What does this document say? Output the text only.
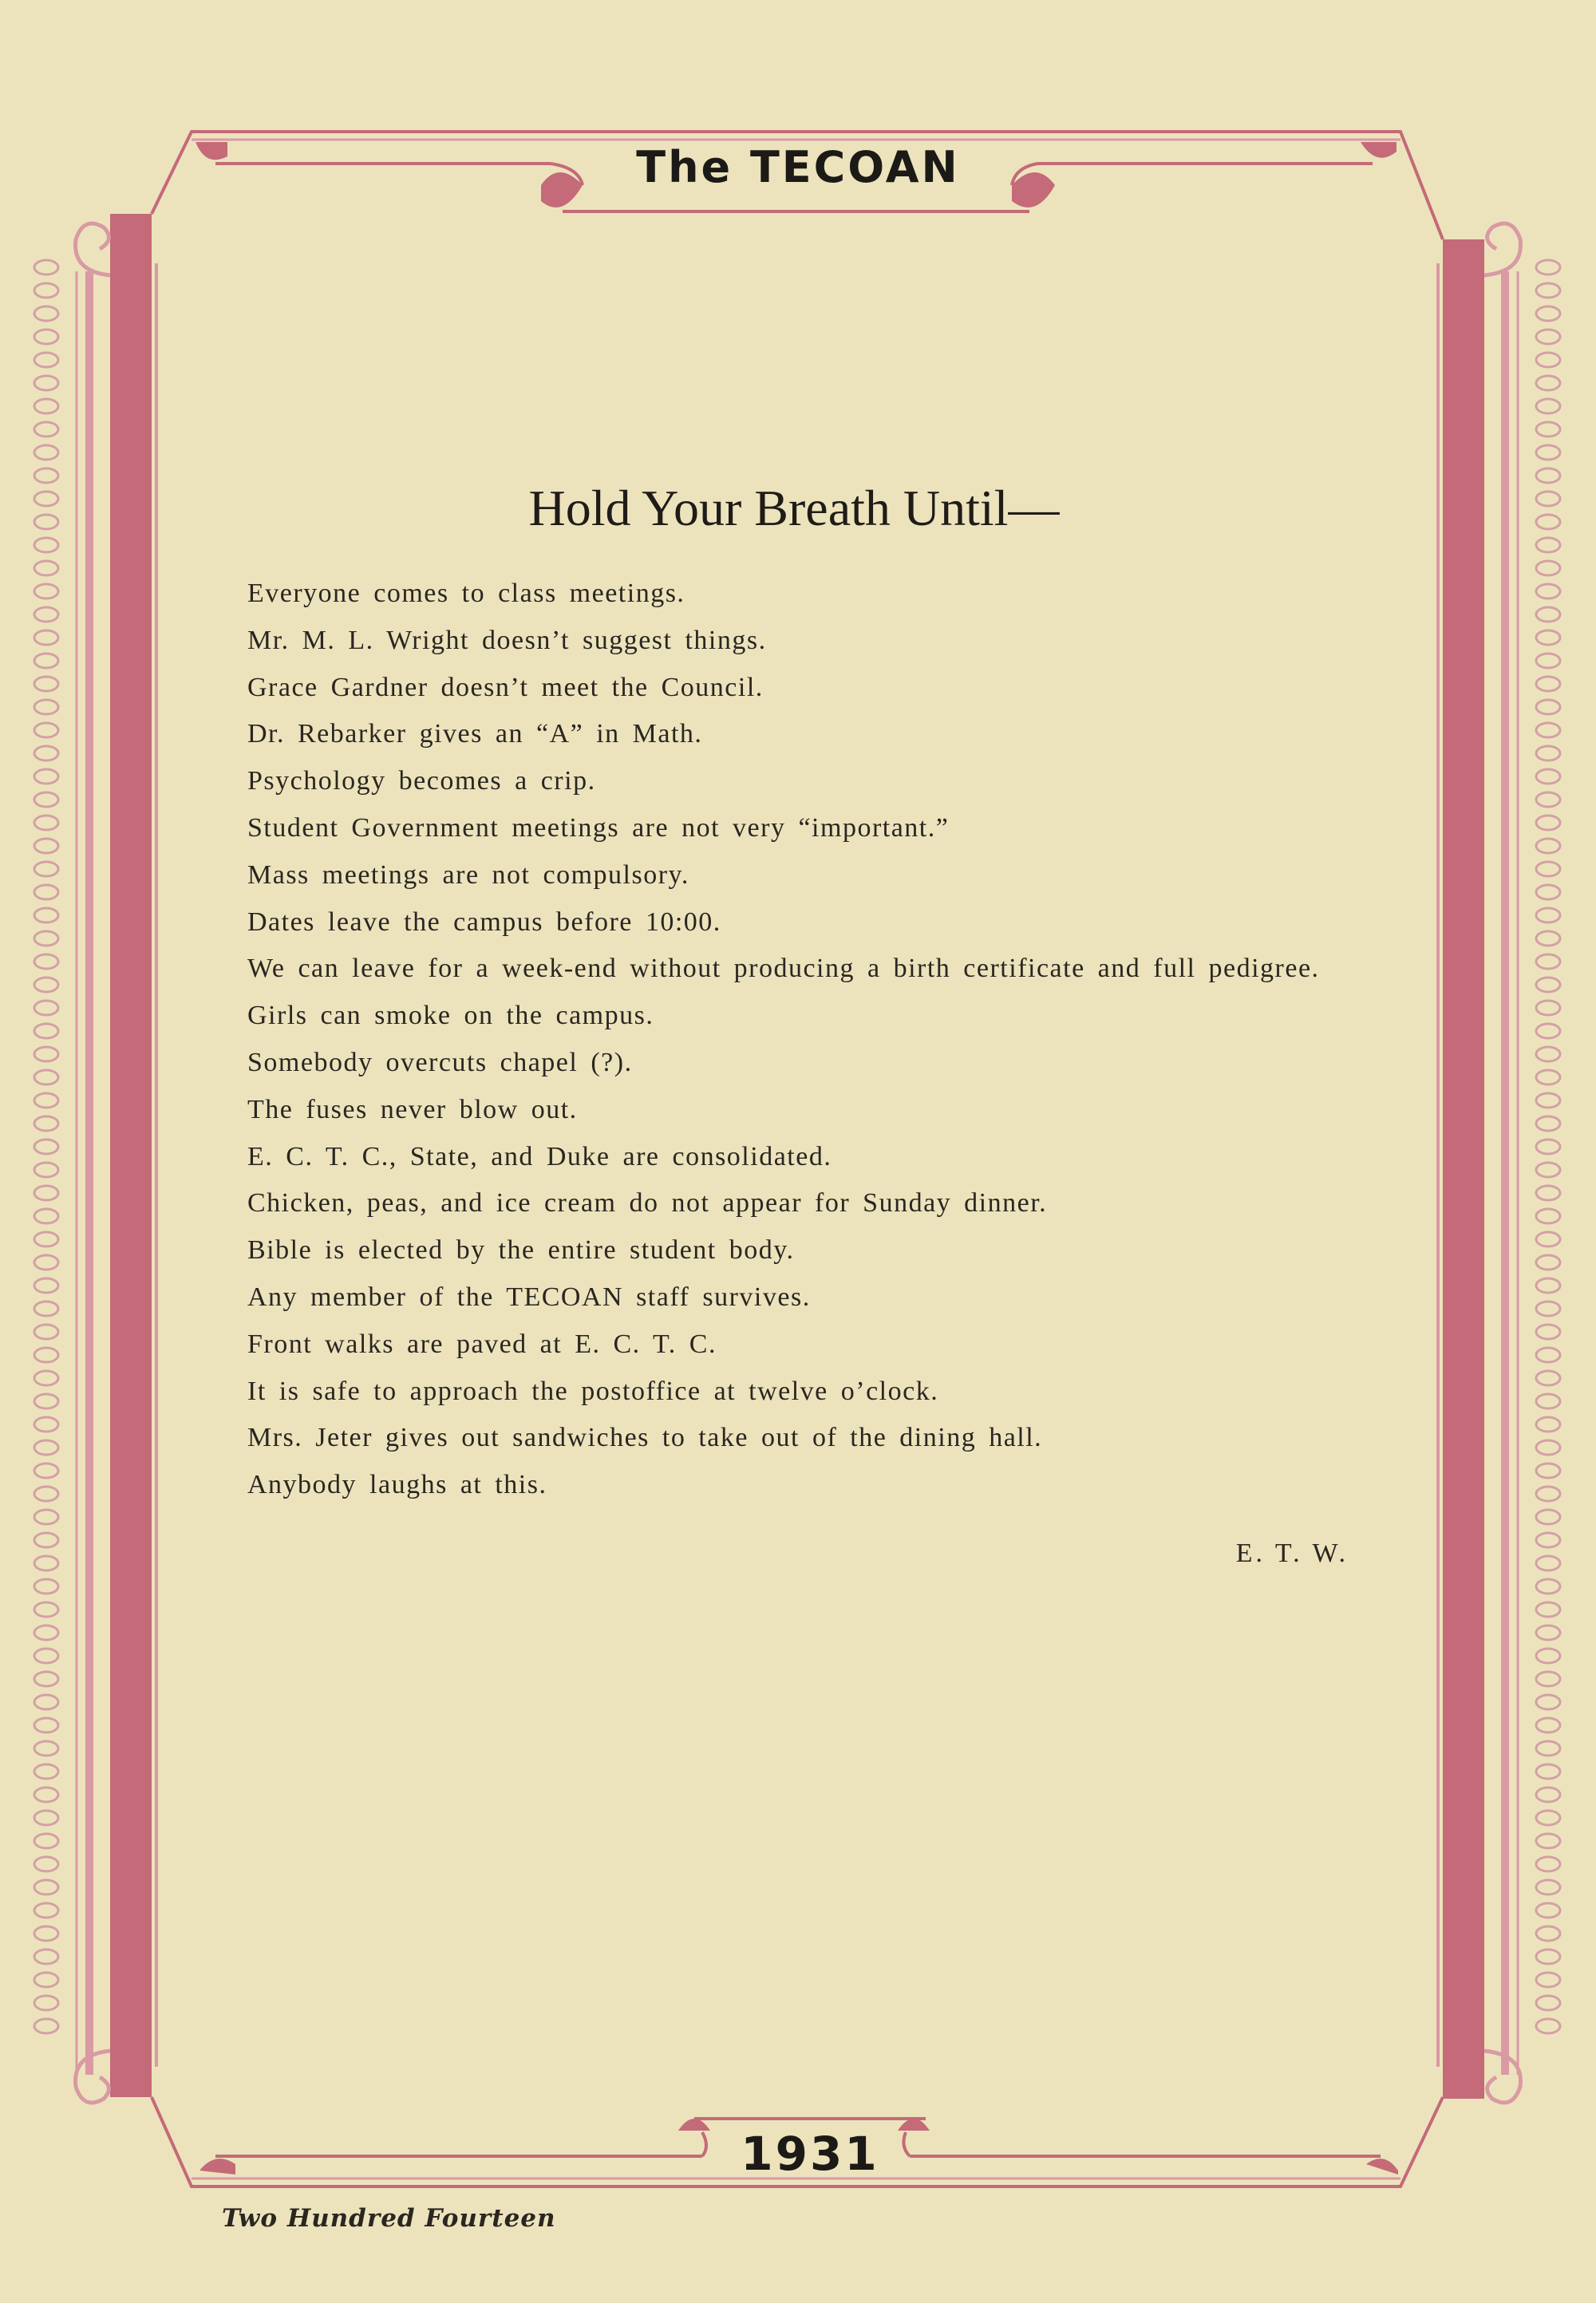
The TECOAN
Hold Your Breath Until—
Everyone comes to class meetings.
Mr. M. L. Wright doesn’t suggest things.
Grace Gardner doesn’t meet the Council.
Dr. Rebarker gives an “A” in Math.
Psychology becomes a crip.
Student Government meetings are not very “important.”
Mass meetings are not compulsory.
Dates leave the campus before 10:00.
We can leave for a week-end without producing a birth certificate and full pedigree.
Girls can smoke on the campus.
Somebody overcuts chapel (?).
The fuses never blow out.
E. C. T. C., State, and Duke are consolidated.
Chicken, peas, and ice cream do not appear for Sunday dinner.
Bible is elected by the entire student body.
Any member of the TECOAN staff survives.
Front walks are paved at E. C. T. C.
It is safe to approach the postoffice at twelve o’clock.
Mrs. Jeter gives out sandwiches to take out of the dining hall.
Anybody laughs at this.
E. T. W.
1931
Two Hundred Fourteen
